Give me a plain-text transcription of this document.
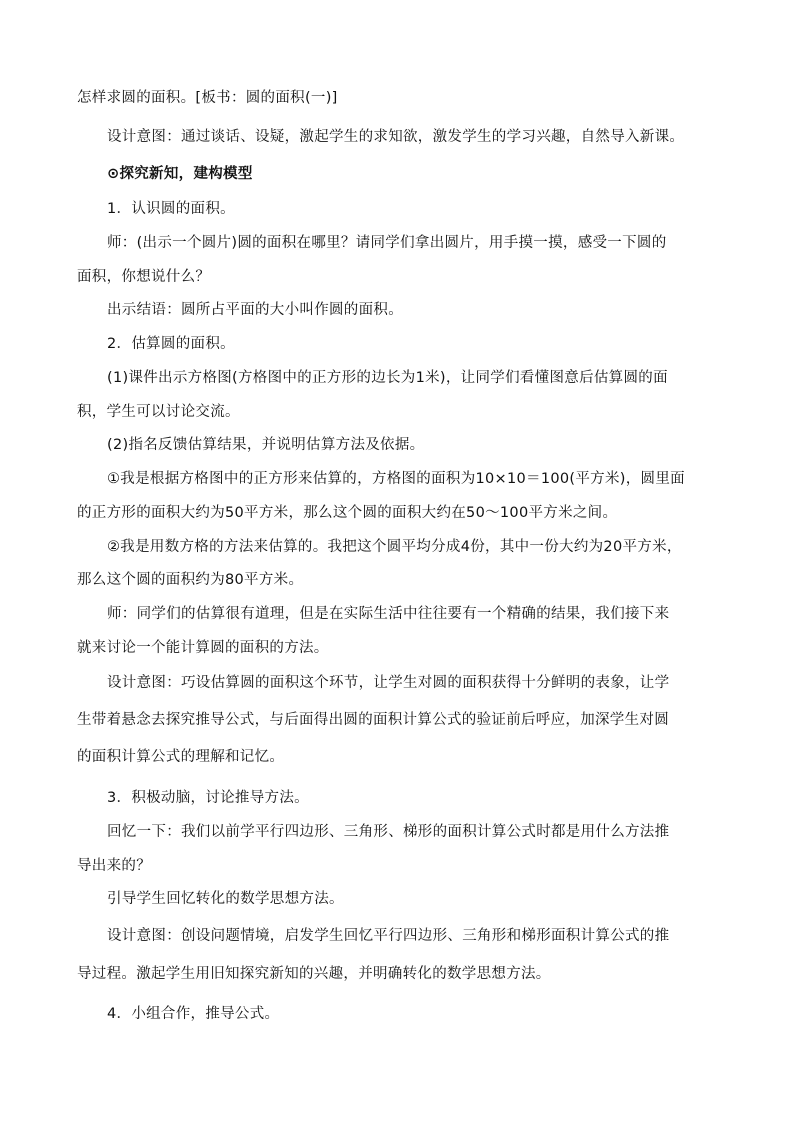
怎样求圆的面积。[板书：圆的面积(一)]
设计意图：通过谈话、设疑，激起学生的求知欲，激发学生的学习兴趣，自然导入新课。
⊙探究新知，建构模型
1．认识圆的面积。
师：(出示一个圆片)圆的面积在哪里？请同学们拿出圆片，用手摸一摸，感受一下圆的
面积，你想说什么？
出示结语：圆所占平面的大小叫作圆的面积。
2．估算圆的面积。
(1)课件出示方格图(方格图中的正方形的边长为1米)，让同学们看懂图意后估算圆的面
积，学生可以讨论交流。
(2)指名反馈估算结果，并说明估算方法及依据。
①我是根据方格图中的正方形来估算的，方格图的面积为10×10＝100(平方米)，圆里面
的正方形的面积大约为50平方米，那么这个圆的面积大约在50～100平方米之间。
②我是用数方格的方法来估算的。我把这个圆平均分成4份，其中一份大约为20平方米，
那么这个圆的面积约为80平方米。
师：同学们的估算很有道理，但是在实际生活中往往要有一个精确的结果，我们接下来
就来讨论一个能计算圆的面积的方法。
设计意图：巧设估算圆的面积这个环节，让学生对圆的面积获得十分鲜明的表象，让学
生带着悬念去探究推导公式，与后面得出圆的面积计算公式的验证前后呼应，加深学生对圆
的面积计算公式的理解和记忆。
3．积极动脑，讨论推导方法。
回忆一下：我们以前学平行四边形、三角形、梯形的面积计算公式时都是用什么方法推
导出来的？
引导学生回忆转化的数学思想方法。
设计意图：创设问题情境，启发学生回忆平行四边形、三角形和梯形面积计算公式的推
导过程。激起学生用旧知探究新知的兴趣，并明确转化的数学思想方法。
4．小组合作，推导公式。
